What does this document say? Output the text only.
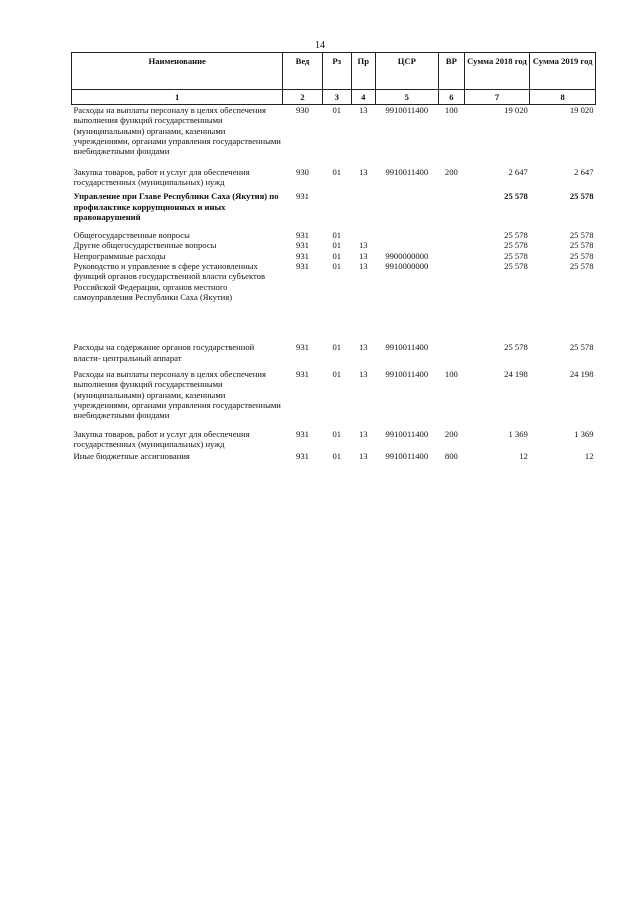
14
Наименование	Вед	Рз	Пр	ЦСР	ВР	Сумма 2018 год	Сумма 2019 год
1	2	3	4	5	6	7	8
Расходы на выплаты персоналу в целях обеспечения выполнения функций государственными (муниципальными) органами, казенными учреждениями, органами управления государственными внебюджетными фондами	930	01	13	9910011400	100	19 020	19 020

Закупка товаров, работ и услуг для обеспечения государственных (муниципальных) нужд	930	01	13	9910011400	200	2 647	2 647

Управление при Главе Республики Саха (Якутия) по профилактике коррупционных и иных правонарушений	931					25 578	25 578

Общегосударственные вопросы	931	01				25 578	25 578
Другие общегосударственные вопросы	931	01	13			25 578	25 578
Непрограммные расходы	931	01	13	9900000000		25 578	25 578
Руководство и управление в сфере установленных функций органов государственной власти субъектов Российской Федерации, органов местного самоуправления Республики Саха (Якутия)	931	01	13	9910000000		25 578	25 578

Расходы на содержание органов государственной власти- центральный аппарат	931	01	13	9910011400		25 578	25 578

Расходы на выплаты персоналу в целях обеспечения выполнения функций государственными (муниципальными) органами, казенными учреждениями, органами управления государственными внебюджетными фондами	931	01	13	9910011400	100	24 198	24 198

Закупка товаров, работ и услуг для обеспечения государственных (муниципальных) нужд	931	01	13	9910011400	200	1 369	1 369

Иные бюджетные ассигнования	931	01	13	9910011400	800	12	12
